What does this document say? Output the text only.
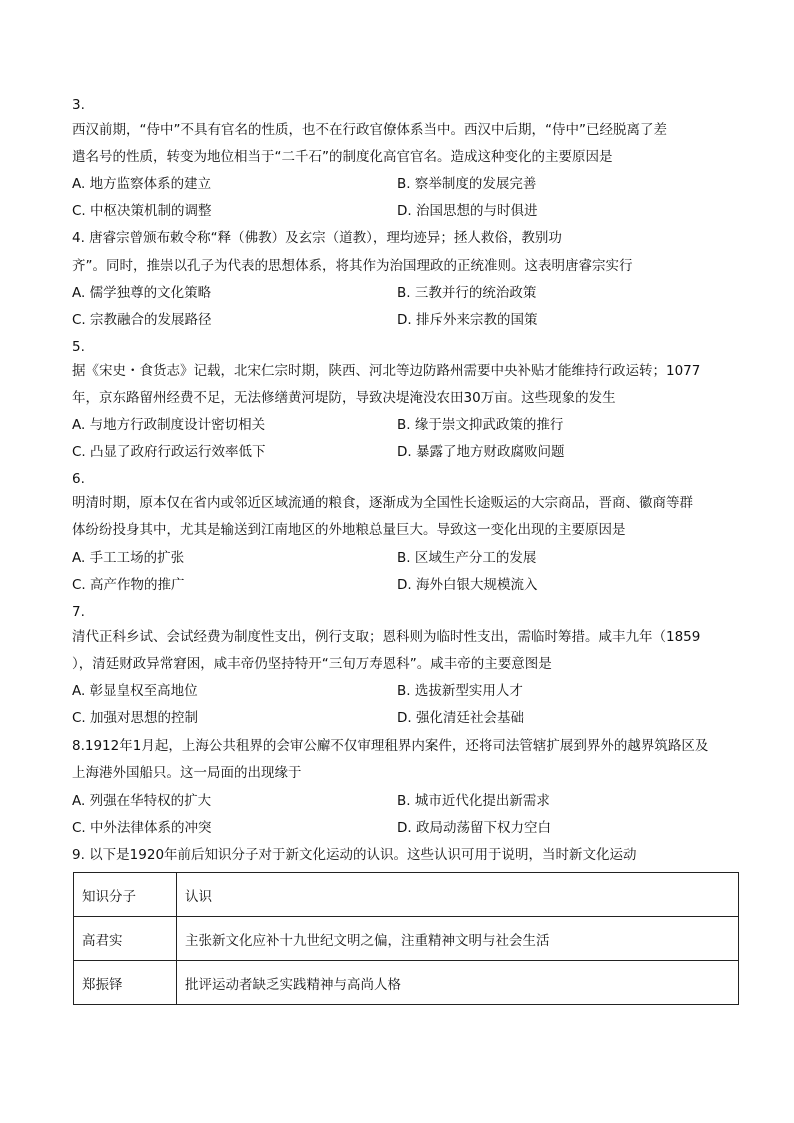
3.
西汉前期，“侍中”不具有官名的性质，也不在行政官僚体系当中。西汉中后期，“侍中”已经脱离了差
遣名号的性质，转变为地位相当于“二千石”的制度化高官官名。造成这种变化的主要原因是
A. 地方监察体系的建立	B. 察举制度的发展完善
C. 中枢决策机制的调整	D. 治国思想的与时俱进
4. 唐睿宗曾颁布敕令称“释（佛教）及玄宗（道教），理均迹异；拯人救俗，教别功
齐”。同时，推崇以孔子为代表的思想体系，将其作为治国理政的正统准则。这表明唐睿宗实行
A. 儒学独尊的文化策略	B. 三教并行的统治政策
C. 宗教融合的发展路径	D. 排斥外来宗教的国策
5.
据《宋史・食货志》记载，北宋仁宗时期，陕西、河北等边防路州需要中央补贴才能维持行政运转；1077
年，京东路留州经费不足，无法修缮黄河堤防，导致决堤淹没农田30万亩。这些现象的发生
A. 与地方行政制度设计密切相关	B. 缘于崇文抑武政策的推行
C. 凸显了政府行政运行效率低下	D. 暴露了地方财政腐败问题
6.
明清时期，原本仅在省内或邻近区域流通的粮食，逐渐成为全国性长途贩运的大宗商品，晋商、徽商等群
体纷纷投身其中，尤其是输送到江南地区的外地粮总量巨大。导致这一变化出现的主要原因是
A. 手工工场的扩张	B. 区域生产分工的发展
C. 高产作物的推广	D. 海外白银大规模流入
7.
清代正科乡试、会试经费为制度性支出，例行支取；恩科则为临时性支出，需临时筹措。咸丰九年（1859
），清廷财政异常窘困，咸丰帝仍坚持特开“三旬万寿恩科”。咸丰帝的主要意图是
A. 彰显皇权至高地位	B. 选拔新型实用人才
C. 加强对思想的控制	D. 强化清廷社会基础
8.1912年1月起，上海公共租界的会审公廨不仅审理租界内案件，还将司法管辖扩展到界外的越界筑路区及
上海港外国船只。这一局面的出现缘于
A. 列强在华特权的扩大	B. 城市近代化提出新需求
C. 中外法律体系的冲突	D. 政局动荡留下权力空白
9. 以下是1920年前后知识分子对于新文化运动的认识。这些认识可用于说明，当时新文化运动
知识分子	认识
高君实	主张新文化应补十九世纪文明之偏，注重精神文明与社会生活
郑振铎	批评运动者缺乏实践精神与高尚人格
